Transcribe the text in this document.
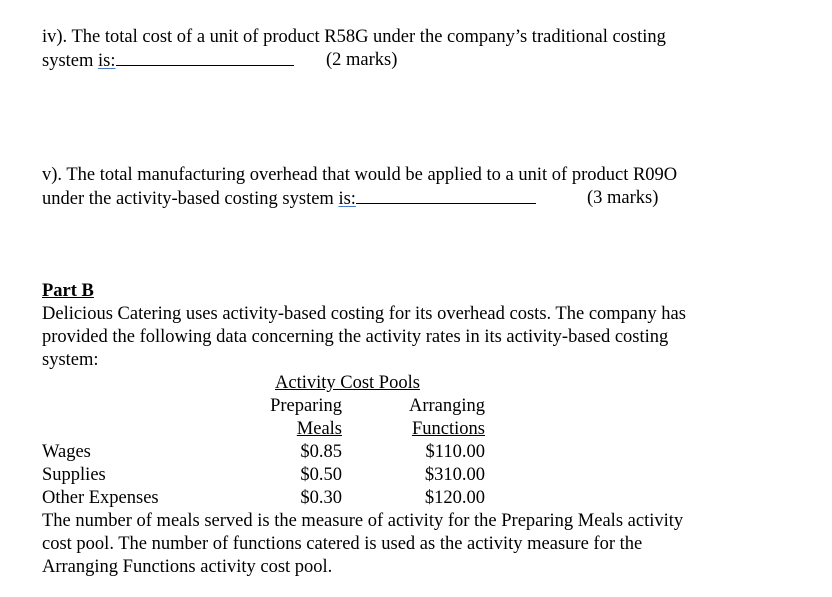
iv). The total cost of a unit of product R58G under the company’s traditional costing
system is:	(2 marks)
v). The total manufacturing overhead that would be applied to a unit of product R09O
under the activity-based costing system is:	(3 marks)
Part B
Delicious Catering uses activity-based costing for its overhead costs. The company has
provided the following data concerning the activity rates in its activity-based costing
system:
Activity Cost Pools
Preparing	Arranging
Meals	Functions
Wages	$0.85	$110.00
Supplies	$0.50	$310.00
Other Expenses	$0.30	$120.00
The number of meals served is the measure of activity for the Preparing Meals activity
cost pool. The number of functions catered is used as the activity measure for the
Arranging Functions activity cost pool.
